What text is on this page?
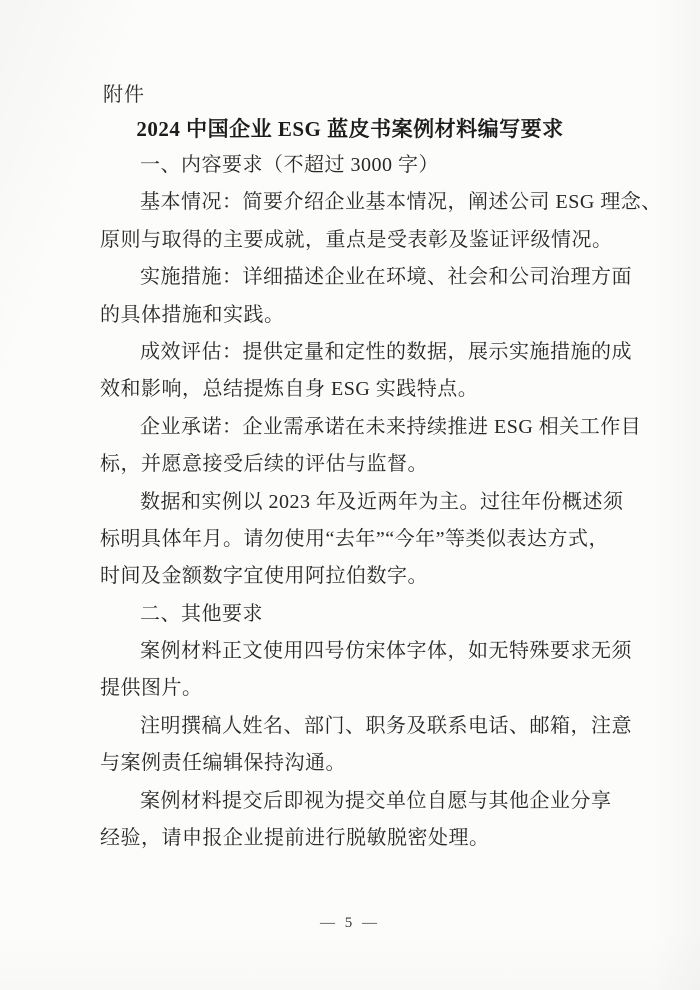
附件
2024 中国企业 ESG 蓝皮书案例材料编写要求
一、内容要求（不超过 3000 字）
基本情况：简要介绍企业基本情况，阐述公司 ESG 理念、
原则与取得的主要成就，重点是受表彰及鉴证评级情况。
实施措施：详细描述企业在环境、社会和公司治理方面
的具体措施和实践。
成效评估：提供定量和定性的数据，展示实施措施的成
效和影响，总结提炼自身 ESG 实践特点。
企业承诺：企业需承诺在未来持续推进 ESG 相关工作目
标，并愿意接受后续的评估与监督。
数据和实例以 2023 年及近两年为主。过往年份概述须
标明具体年月。请勿使用“去年”“今年”等类似表达方式，
时间及金额数字宜使用阿拉伯数字。
二、其他要求
案例材料正文使用四号仿宋体字体，如无特殊要求无须
提供图片。
注明撰稿人姓名、部门、职务及联系电话、邮箱，注意
与案例责任编辑保持沟通。
案例材料提交后即视为提交单位自愿与其他企业分享
经验，请申报企业提前进行脱敏脱密处理。
— 5 —
